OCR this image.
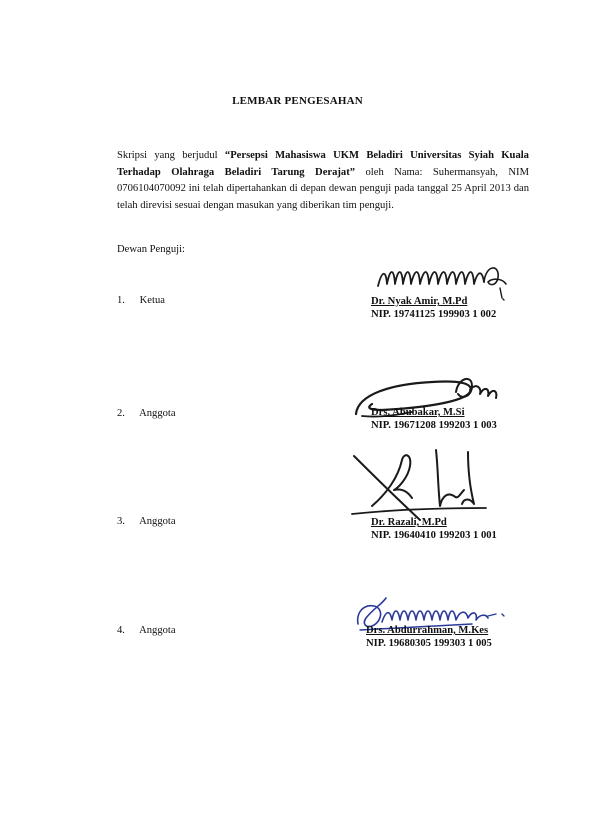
LEMBAR PENGESAHAN
Skripsi yang berjudul “Persepsi Mahasiswa UKM Beladiri Universitas Syiah Kuala Terhadap Olahraga Beladiri Tarung Derajat” oleh Nama: Suhermansyah, NIM 0706104070092 ini telah dipertahankan di depan dewan penguji pada tanggal 25 April 2013 dan telah direvisi sesuai dengan masukan yang diberikan tim penguji.
Dewan Penguji:
1. Ketua	Dr. Nyak Amir, M.Pd
NIP. 19741125 199903 1 002
2. Anggota	Drs. Abubakar, M.Si
NIP. 19671208 199203 1 003
3. Anggota	Dr. Razali, M.Pd
NIP. 19640410 199203 1 001
4. Anggota	Drs. Abdurrahman, M.Kes
NIP. 19680305 199303 1 005
